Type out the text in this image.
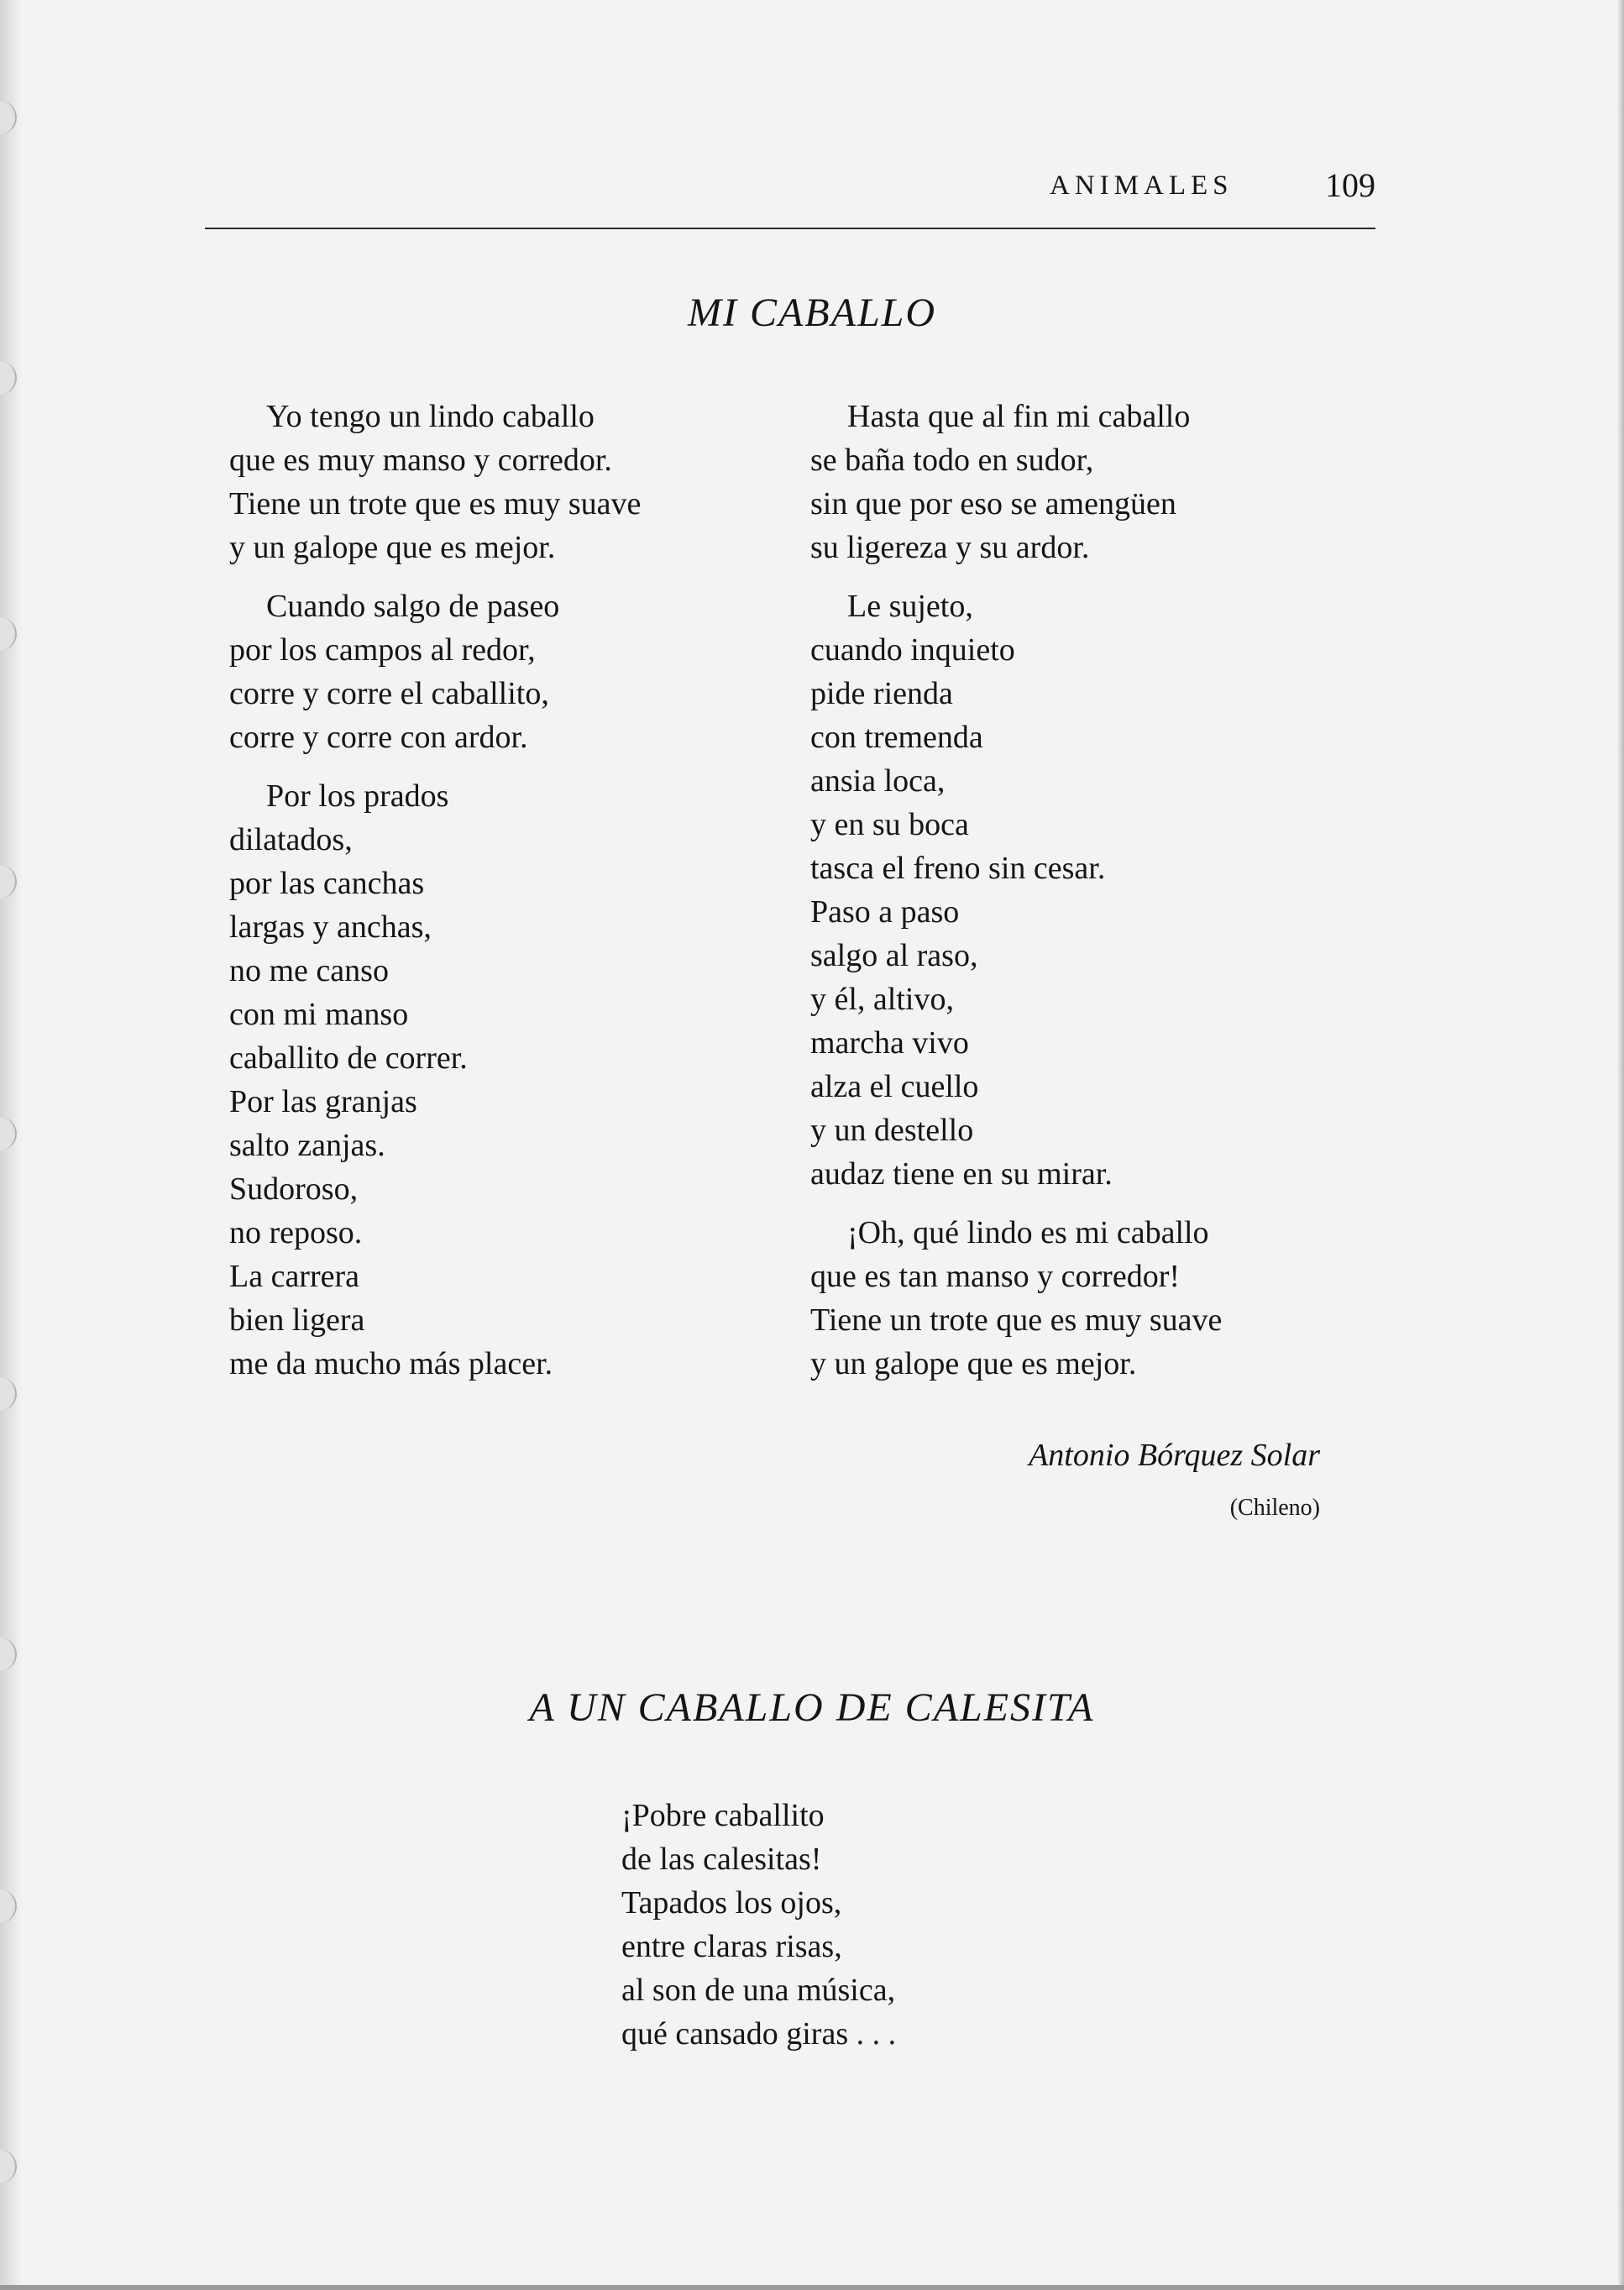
ANIMALES	109
MI CABALLO
Yo tengo un lindo caballo
que es muy manso y corredor.
Tiene un trote que es muy suave
y un galope que es mejor.
Cuando salgo de paseo
por los campos al redor,
corre y corre el caballito,
corre y corre con ardor.
Por los prados
dilatados,
por las canchas
largas y anchas,
no me canso
con mi manso
caballito de correr.
Por las granjas
salto zanjas.
Sudoroso,
no reposo.
La carrera
bien ligera
me da mucho más placer.
Hasta que al fin mi caballo
se baña todo en sudor,
sin que por eso se amengüen
su ligereza y su ardor.
Le sujeto,
cuando inquieto
pide rienda
con tremenda
ansia loca,
y en su boca
tasca el freno sin cesar.
Paso a paso
salgo al raso,
y él, altivo,
marcha vivo
alza el cuello
y un destello
audaz tiene en su mirar.
¡Oh, qué lindo es mi caballo
que es tan manso y corredor!
Tiene un trote que es muy suave
y un galope que es mejor.
Antonio Bórquez Solar
(Chileno)
A UN CABALLO DE CALESITA
¡Pobre caballito
de las calesitas!
Tapados los ojos,
entre claras risas,
al son de una música,
qué cansado giras . . .
